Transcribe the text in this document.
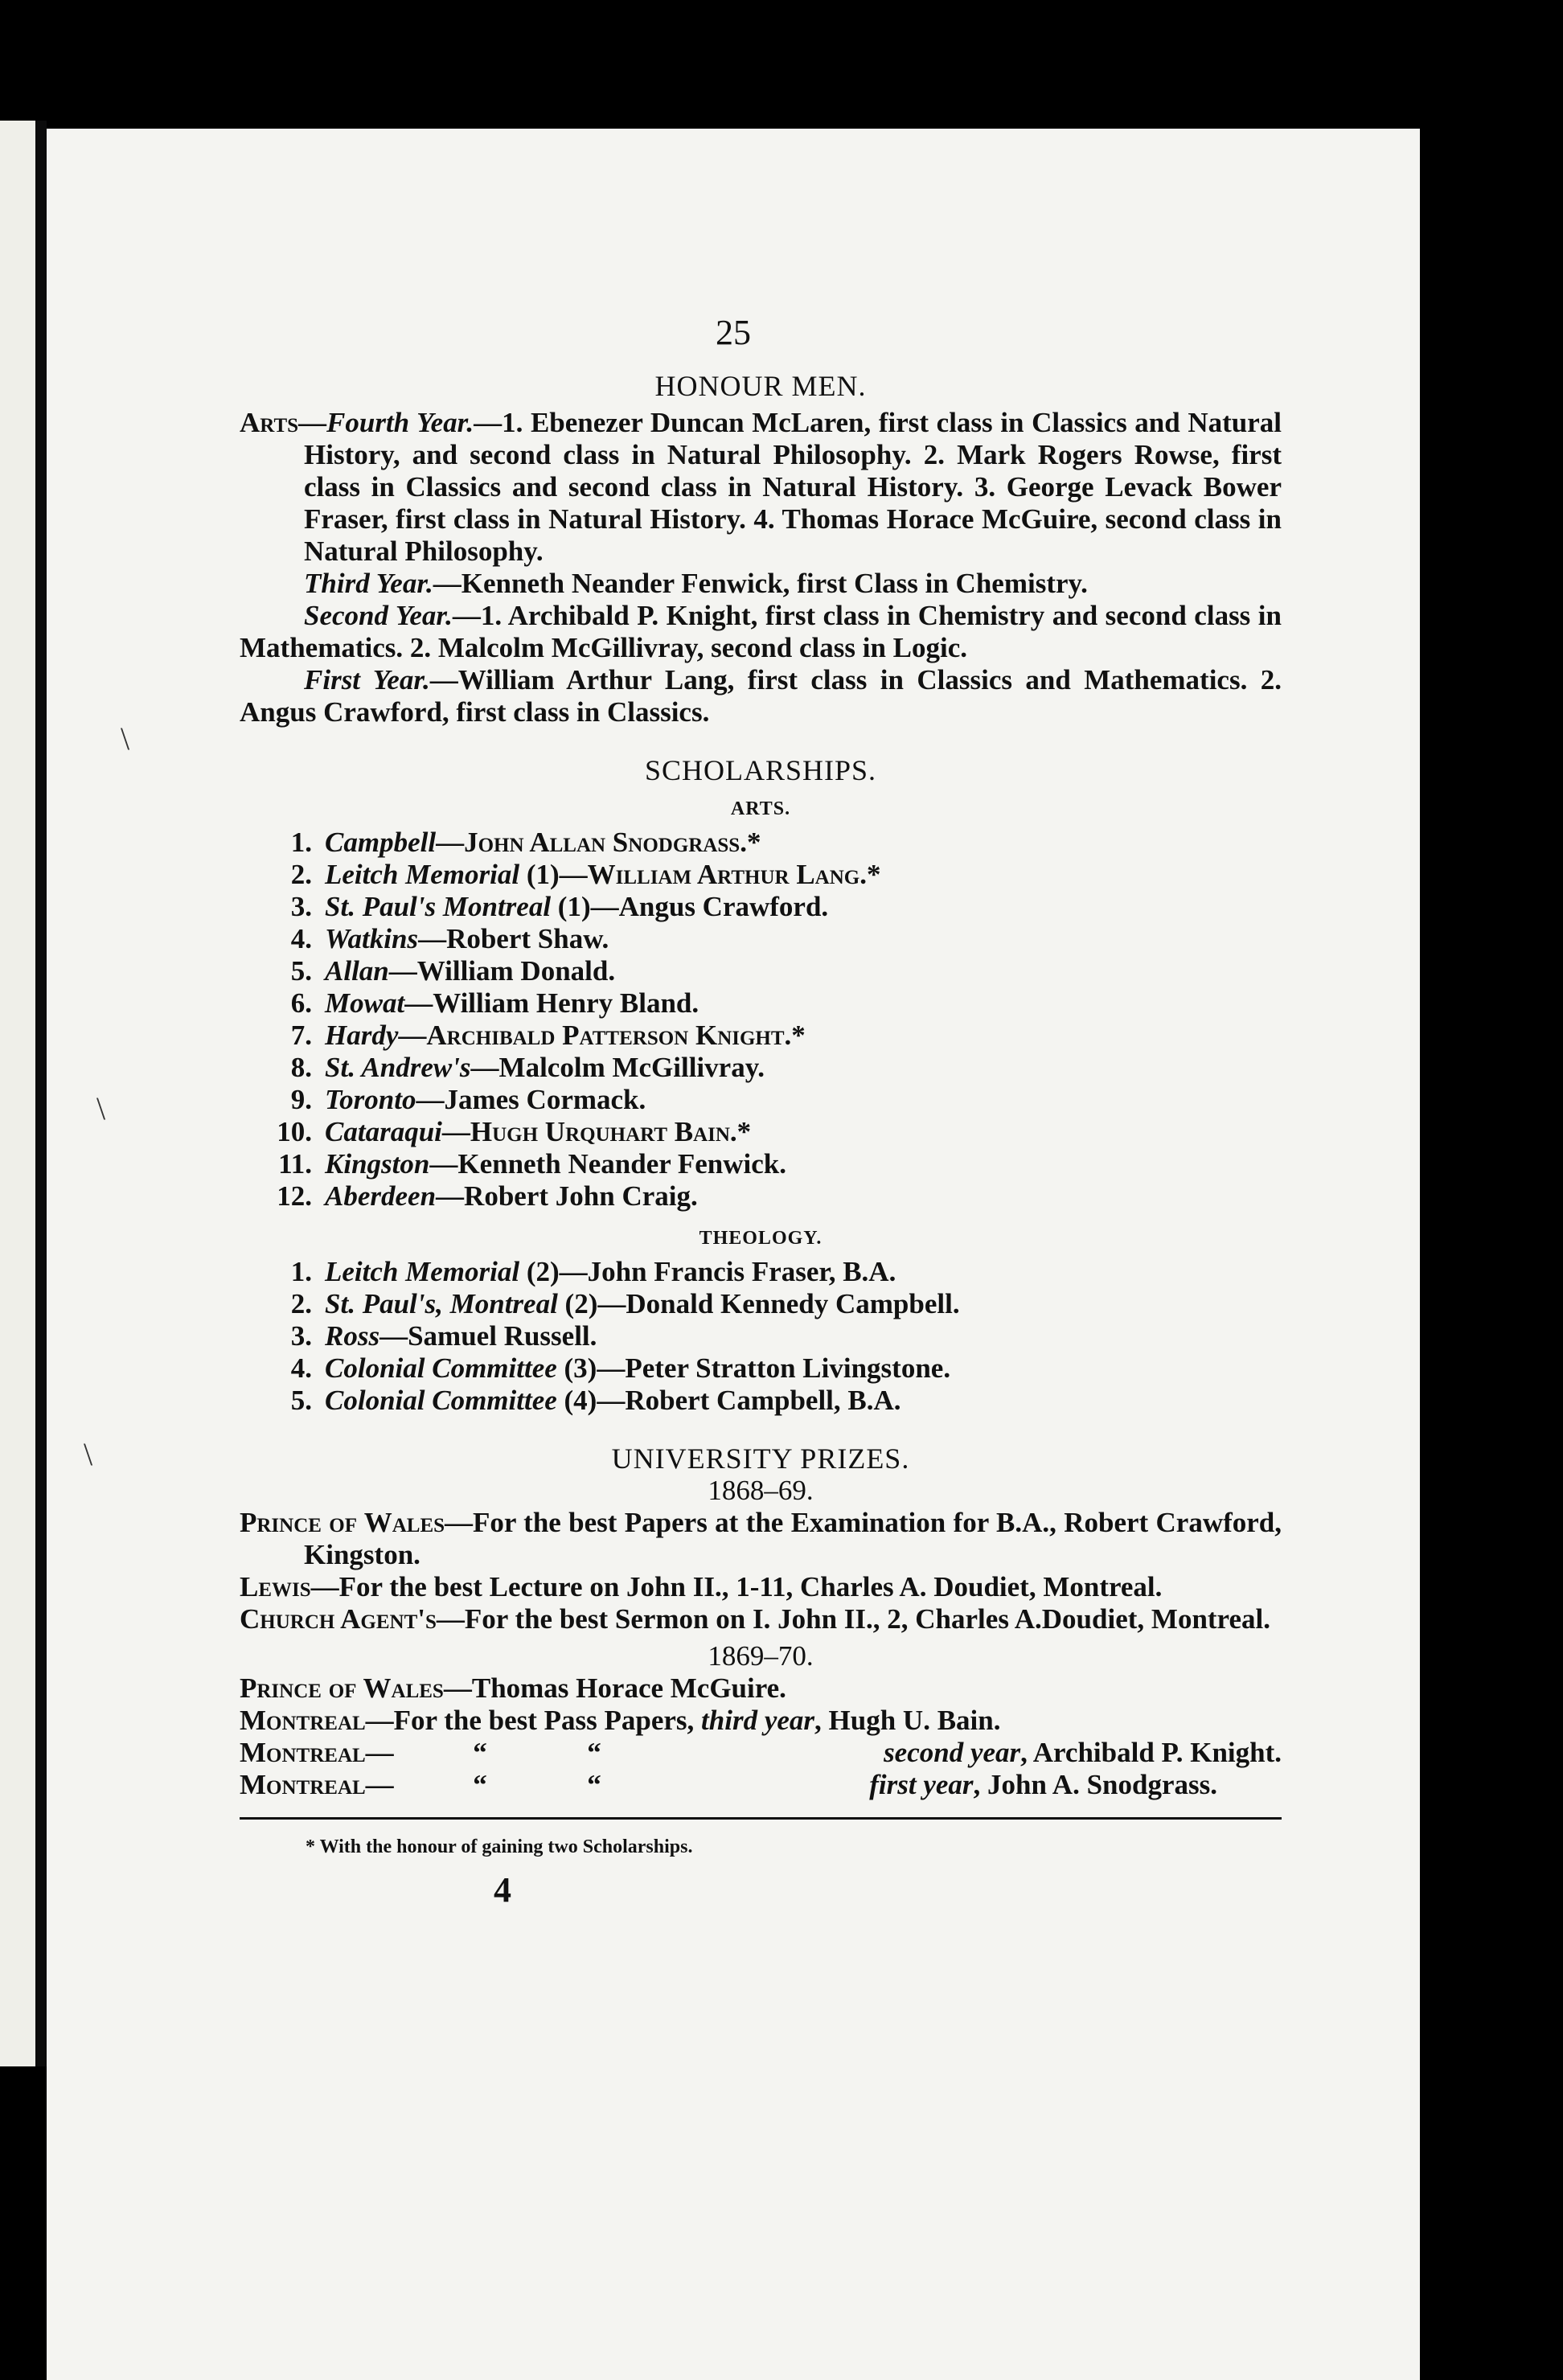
25
\
\
\
HONOUR MEN.
Arts—Fourth Year.—1. Ebenezer Duncan McLaren, first class in Classics and Natural History, and second class in Natural Philosophy. 2. Mark Rogers Rowse, first class in Classics and second class in Natural History. 3. George Levack Bower Fraser, first class in Natural History. 4. Thomas Horace McGuire, second class in Natural Philosophy.
Third Year.—Kenneth Neander Fenwick, first Class in Chemistry.
Second Year.—1. Archibald P. Knight, first class in Chemistry and second class in Mathematics. 2. Malcolm McGillivray, second class in Logic.
First Year.—William Arthur Lang, first class in Classics and Mathematics. 2. Angus Crawford, first class in Classics.
SCHOLARSHIPS.
ARTS.
1. Campbell—John Allan Snodgrass.*
2. Leitch Memorial (1)—William Arthur Lang.*
3. St. Paul's Montreal (1)—Angus Crawford.
4. Watkins—Robert Shaw.
5. Allan—William Donald.
6. Mowat—William Henry Bland.
7. Hardy—Archibald Patterson Knight.*
8. St. Andrew's—Malcolm McGillivray.
9. Toronto—James Cormack.
10. Cataraqui—Hugh Urquhart Bain.*
11. Kingston—Kenneth Neander Fenwick.
12. Aberdeen—Robert John Craig.
THEOLOGY.
1. Leitch Memorial (2)—John Francis Fraser, B.A.
2. St. Paul's, Montreal (2)—Donald Kennedy Campbell.
3. Ross—Samuel Russell.
4. Colonial Committee (3)—Peter Stratton Livingstone.
5. Colonial Committee (4)—Robert Campbell, B.A.
UNIVERSITY PRIZES.
1868–69.
Prince of Wales—For the best Papers at the Examination for B.A., Robert Crawford, Kingston.
Lewis—For the best Lecture on John II., 1-11, Charles A. Doudiet, Montreal.
Church Agent's—For the best Sermon on I. John II., 2, Charles A.Doudiet, Montreal.
1869–70.
Prince of Wales—Thomas Horace McGuire.
Montreal—For the best Pass Papers, third year, Hugh U. Bain.
Montreal—	“	“	second year, Archibald P. Knight.
Montreal—	“	“	first year, John A. Snodgrass.
* With the honour of gaining two Scholarships.
4
